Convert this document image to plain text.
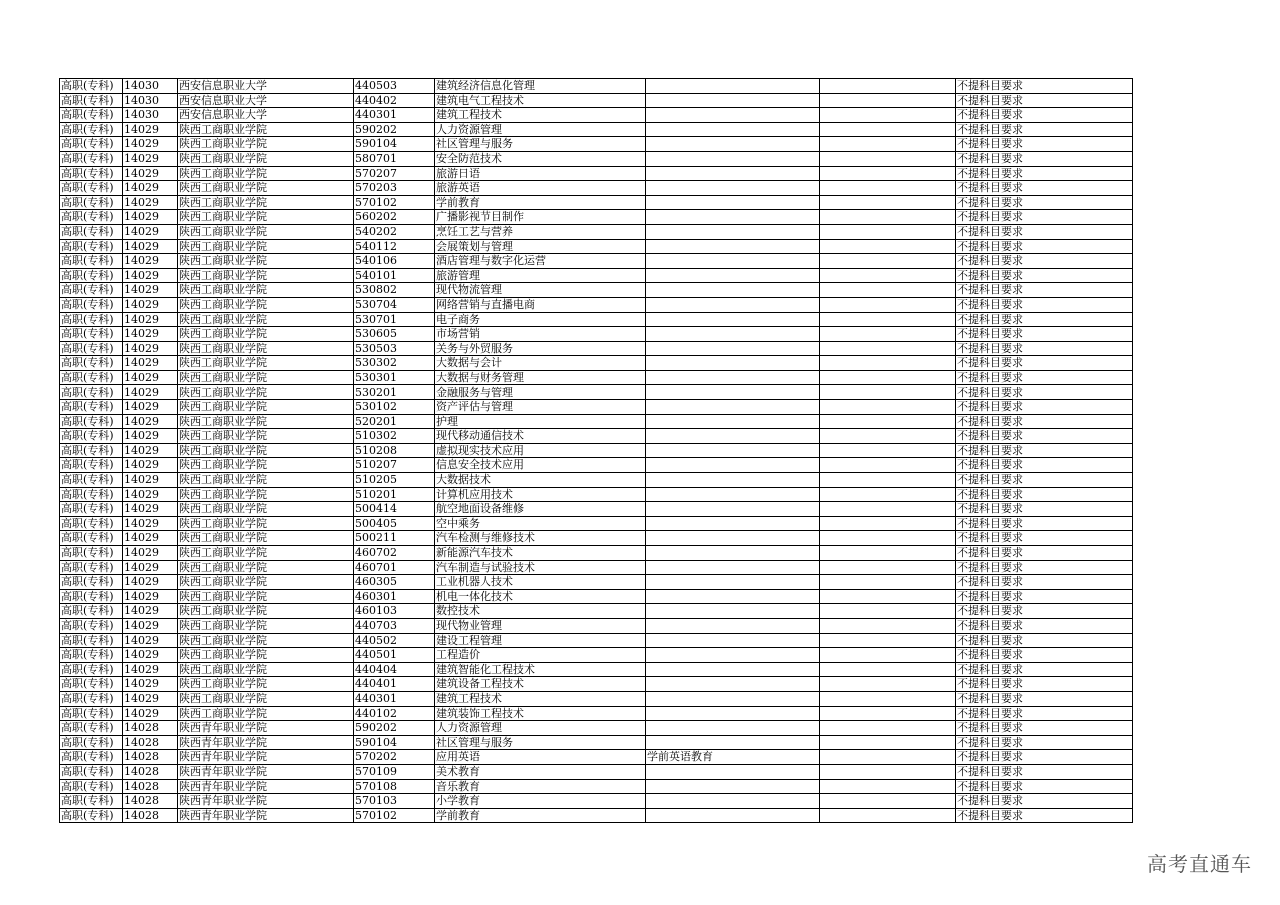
高职(专科)	14030	西安信息职业大学	440503	建筑经济信息化管理			不提科目要求
高职(专科)	14030	西安信息职业大学	440402	建筑电气工程技术			不提科目要求
高职(专科)	14030	西安信息职业大学	440301	建筑工程技术			不提科目要求
高职(专科)	14029	陕西工商职业学院	590202	人力资源管理			不提科目要求
高职(专科)	14029	陕西工商职业学院	590104	社区管理与服务			不提科目要求
高职(专科)	14029	陕西工商职业学院	580701	安全防范技术			不提科目要求
高职(专科)	14029	陕西工商职业学院	570207	旅游日语			不提科目要求
高职(专科)	14029	陕西工商职业学院	570203	旅游英语			不提科目要求
高职(专科)	14029	陕西工商职业学院	570102	学前教育			不提科目要求
高职(专科)	14029	陕西工商职业学院	560202	广播影视节目制作			不提科目要求
高职(专科)	14029	陕西工商职业学院	540202	烹饪工艺与营养			不提科目要求
高职(专科)	14029	陕西工商职业学院	540112	会展策划与管理			不提科目要求
高职(专科)	14029	陕西工商职业学院	540106	酒店管理与数字化运营			不提科目要求
高职(专科)	14029	陕西工商职业学院	540101	旅游管理			不提科目要求
高职(专科)	14029	陕西工商职业学院	530802	现代物流管理			不提科目要求
高职(专科)	14029	陕西工商职业学院	530704	网络营销与直播电商			不提科目要求
高职(专科)	14029	陕西工商职业学院	530701	电子商务			不提科目要求
高职(专科)	14029	陕西工商职业学院	530605	市场营销			不提科目要求
高职(专科)	14029	陕西工商职业学院	530503	关务与外贸服务			不提科目要求
高职(专科)	14029	陕西工商职业学院	530302	大数据与会计			不提科目要求
高职(专科)	14029	陕西工商职业学院	530301	大数据与财务管理			不提科目要求
高职(专科)	14029	陕西工商职业学院	530201	金融服务与管理			不提科目要求
高职(专科)	14029	陕西工商职业学院	530102	资产评估与管理			不提科目要求
高职(专科)	14029	陕西工商职业学院	520201	护理			不提科目要求
高职(专科)	14029	陕西工商职业学院	510302	现代移动通信技术			不提科目要求
高职(专科)	14029	陕西工商职业学院	510208	虚拟现实技术应用			不提科目要求
高职(专科)	14029	陕西工商职业学院	510207	信息安全技术应用			不提科目要求
高职(专科)	14029	陕西工商职业学院	510205	大数据技术			不提科目要求
高职(专科)	14029	陕西工商职业学院	510201	计算机应用技术			不提科目要求
高职(专科)	14029	陕西工商职业学院	500414	航空地面设备维修			不提科目要求
高职(专科)	14029	陕西工商职业学院	500405	空中乘务			不提科目要求
高职(专科)	14029	陕西工商职业学院	500211	汽车检测与维修技术			不提科目要求
高职(专科)	14029	陕西工商职业学院	460702	新能源汽车技术			不提科目要求
高职(专科)	14029	陕西工商职业学院	460701	汽车制造与试验技术			不提科目要求
高职(专科)	14029	陕西工商职业学院	460305	工业机器人技术			不提科目要求
高职(专科)	14029	陕西工商职业学院	460301	机电一体化技术			不提科目要求
高职(专科)	14029	陕西工商职业学院	460103	数控技术			不提科目要求
高职(专科)	14029	陕西工商职业学院	440703	现代物业管理			不提科目要求
高职(专科)	14029	陕西工商职业学院	440502	建设工程管理			不提科目要求
高职(专科)	14029	陕西工商职业学院	440501	工程造价			不提科目要求
高职(专科)	14029	陕西工商职业学院	440404	建筑智能化工程技术			不提科目要求
高职(专科)	14029	陕西工商职业学院	440401	建筑设备工程技术			不提科目要求
高职(专科)	14029	陕西工商职业学院	440301	建筑工程技术			不提科目要求
高职(专科)	14029	陕西工商职业学院	440102	建筑装饰工程技术			不提科目要求
高职(专科)	14028	陕西青年职业学院	590202	人力资源管理			不提科目要求
高职(专科)	14028	陕西青年职业学院	590104	社区管理与服务			不提科目要求
高职(专科)	14028	陕西青年职业学院	570202	应用英语	学前英语教育		不提科目要求
高职(专科)	14028	陕西青年职业学院	570109	美术教育			不提科目要求
高职(专科)	14028	陕西青年职业学院	570108	音乐教育			不提科目要求
高职(专科)	14028	陕西青年职业学院	570103	小学教育			不提科目要求
高职(专科)	14028	陕西青年职业学院	570102	学前教育			不提科目要求
高考直通车
